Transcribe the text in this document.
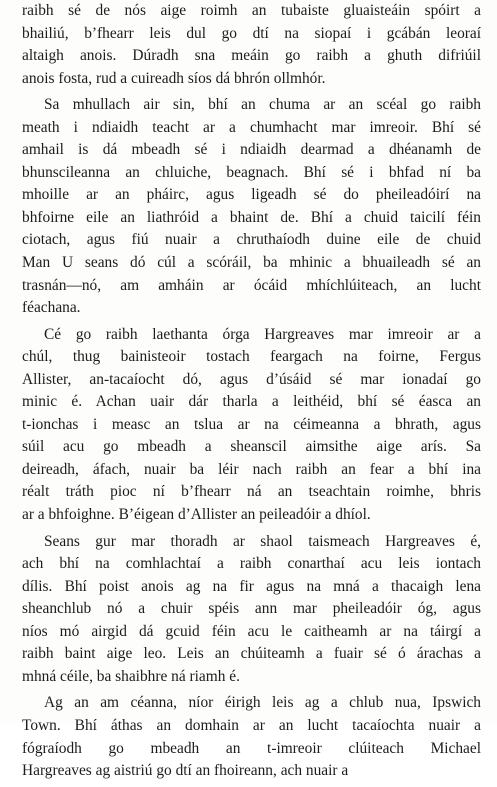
raibh sé de nós aige roimh an tubaiste gluaisteáin spóirt a
bhailiú, b’fhearr leis dul go dtí na siopaí i gcábán leoraí
altaigh anois. Dúradh sna meáin go raibh a ghuth difriúil
anois fosta, rud a cuireadh síos dá bhrón ollmhór.
Sa mhullach air sin, bhí an chuma ar an scéal go raibh
meath i ndiaidh teacht ar a chumhacht mar imreoir. Bhí sé
amhail is dá mbeadh sé i ndiaidh dearmad a dhéanamh de
bhunscileanna an chluiche, beagnach. Bhí sé i bhfad ní ba
mhoille ar an pháirc, agus ligeadh sé do pheileadóirí na
bhfoirne eile an liathróid a bhaint de. Bhí a chuid taicilí féin
ciotach, agus fiú nuair a chruthaíodh duine eile de chuid
Man U seans dó cúl a scóráil, ba mhinic a bhuaileadh sé an
trasnán—nó, am amháin ar ócáid mhíchlúiteach, an lucht
féachana.
Cé go raibh laethanta órga Hargreaves mar imreoir ar a
chúl, thug bainisteoir tostach feargach na foirne, Fergus
Allister, an-tacaíocht dó, agus d’úsáid sé mar ionadaí go
minic é. Achan uair dár tharla a leithéid, bhí sé éasca an
t-ionchas i measc an tslua ar na céimeanna a bhrath, agus
súil acu go mbeadh a sheanscil aimsithe aige arís. Sa
deireadh, áfach, nuair ba léir nach raibh an fear a bhí ina
réalt tráth pioc ní b’fhearr ná an tseachtain roimhe, bhris
ar a bhfoighne. B’éigean d’Allister an peileadóir a dhíol.
Seans gur mar thoradh ar shaol taismeach Hargreaves é,
ach bhí na comhlachtaí a raibh conarthaí acu leis iontach
dílis. Bhí poist anois ag na fir agus na mná a thacaigh lena
sheanchlub nó a chuir spéis ann mar pheileadóir óg, agus
níos mó airgid dá gcuid féin acu le caitheamh ar na táirgí a
raibh baint aige leo. Leis an chúiteamh a fuair sé ó árachas a
mhná céile, ba shaibhre ná riamh é.
Ag an am céanna, níor éirigh leis ag a chlub nua, Ipswich
Town. Bhí áthas an domhain ar an lucht tacaíochta nuair a
fógraíodh go mbeadh an t-imreoir clúiteach Michael
Hargreaves ag aistriú go dtí an fhoireann, ach nuair a
